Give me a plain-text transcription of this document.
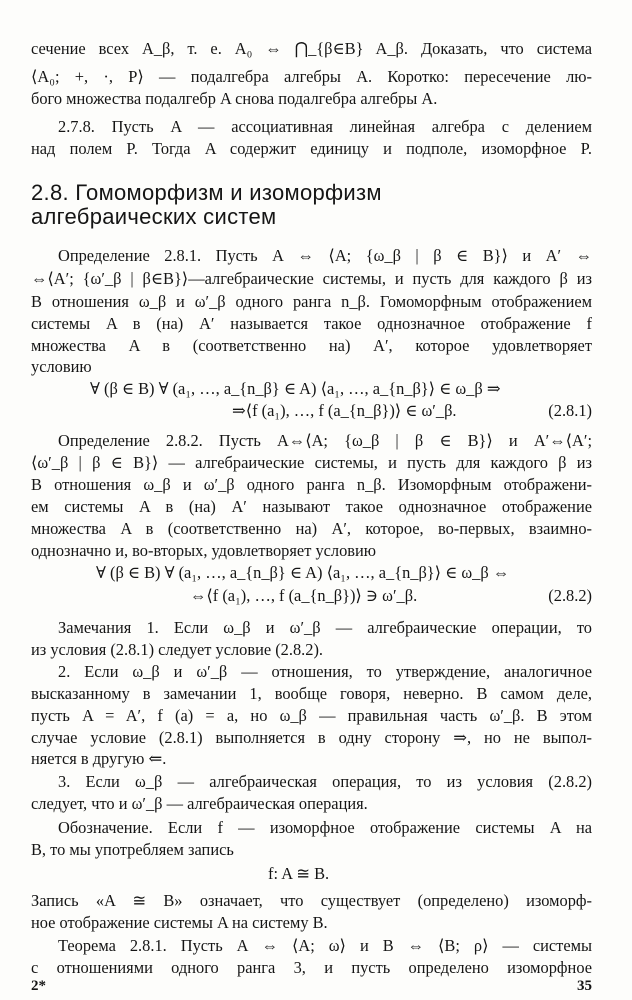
сечение всех A_β, т. е. A₀ ⇔ ⋂_{β∈B} A_β. Доказать, что система
⟨A₀; +, ·, P⟩ — подалгебра алгебры A. Коротко: пересечение лю-
бого множества подалгебр A снова подалгебра алгебры A.
2.7.8. Пусть A — ассоциативная линейная алгебра с делением
над полем P. Тогда A содержит единицу и подполе, изоморфное P.
2.8. Гомоморфизм и изоморфизм
алгебраических систем
Определение 2.8.1. Пусть A ⇔ ⟨A; {ω_β | β ∈ B}⟩ и A′ ⇔
⇔⟨A′; {ω′_β | β∈B}⟩—алгебраические системы, и пусть для каждого β из
B отношения ω_β и ω′_β одного ранга n_β. Гомоморфным отображением
системы A в (на) A′ называется такое однозначное отображение f
множества A в (соответственно на) A′, которое удовлетворяет
условию
∀ (β ∈ B) ∀ (a₁, …, a_{n_β} ∈ A) ⟨a₁, …, a_{n_β}⟩ ∈ ω_β ⇒
⇒⟨f (a₁), …, f (a_{n_β})⟩ ∈ ω′_β.	(2.8.1)
Определение 2.8.2. Пусть A⇔⟨A; {ω_β | β ∈ B}⟩ и A′⇔⟨A′;
⟨ω′_β | β ∈ B}⟩ — алгебраические системы, и пусть для каждого β из
B отношения ω_β и ω′_β одного ранга n_β. Изоморфным отображени-
ем системы A в (на) A′ называют такое однозначное отображение
множества A в (соответственно на) A′, которое, во-первых, взаимно-
однозначно и, во-вторых, удовлетворяет условию
∀ (β ∈ B) ∀ (a₁, …, a_{n_β} ∈ A) ⟨a₁, …, a_{n_β}⟩ ∈ ω_β ⇔
⇔⟨f (a₁), …, f (a_{n_β})⟩ ∋ ω′_β.	(2.8.2)
Замечания 1. Если ω_β и ω′_β — алгебраические операции, то
из условия (2.8.1) следует условие (2.8.2).
2. Если ω_β и ω′_β — отношения, то утверждение, аналогичное
высказанному в замечании 1, вообще говоря, неверно. В самом деле,
пусть A = A′, f (a) = a, но ω_β — правильная часть ω′_β. В этом
случае условие (2.8.1) выполняется в одну сторону ⇒, но не выпол-
няется в другую ⇐.
3. Если ω_β — алгебраическая операция, то из условия (2.8.2)
следует, что и ω′_β — алгебраическая операция.
Обозначение. Если f — изоморфное отображение системы A на
B, то мы употребляем запись
f: A ≅ B.
Запись «A ≅ B» означает, что существует (определено) изоморф-
ное отображение системы A на систему B.
Теорема 2.8.1. Пусть A ⇔ ⟨A; ω⟩ и B ⇔ ⟨B; ρ⟩ — системы
с отношениями одного ранга 3, и пусть определено изоморфное
2*	35
